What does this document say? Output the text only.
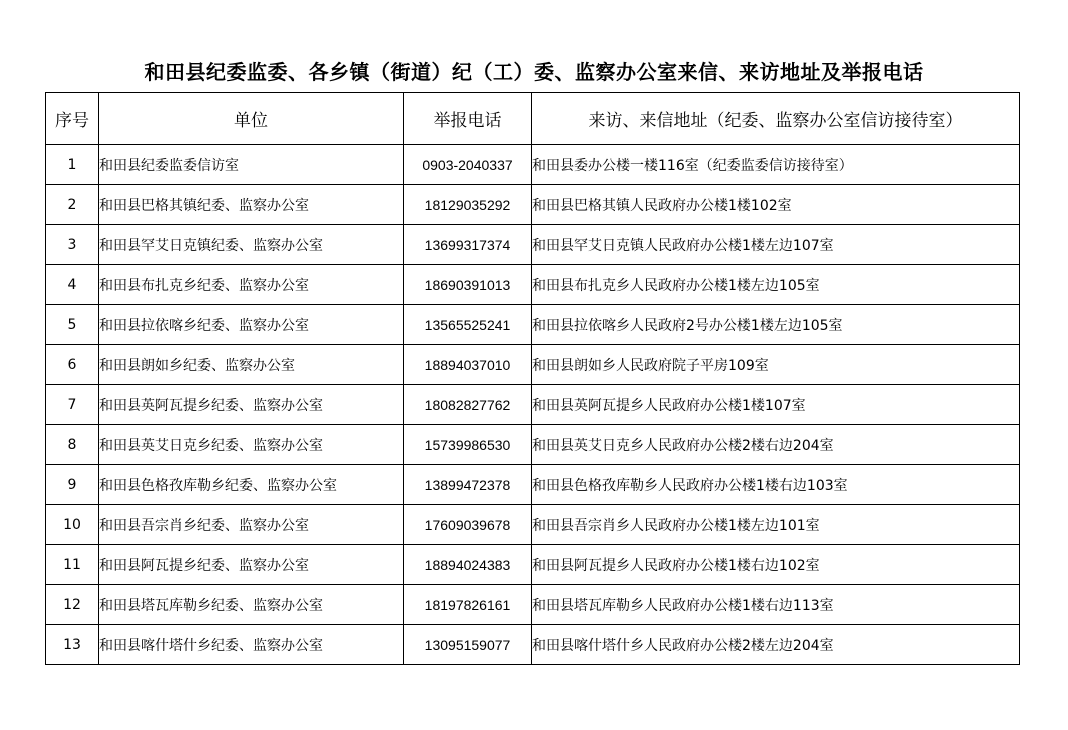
和田县纪委监委、各乡镇（街道）纪（工）委、监察办公室来信、来访地址及举报电话
序号	单位	举报电话	来访、来信地址（纪委、监察办公室信访接待室）
1	和田县纪委监委信访室	0903-2040337	和田县委办公楼一楼116室（纪委监委信访接待室）
2	和田县巴格其镇纪委、监察办公室	18129035292	和田县巴格其镇人民政府办公楼1楼102室
3	和田县罕艾日克镇纪委、监察办公室	13699317374	和田县罕艾日克镇人民政府办公楼1楼左边107室
4	和田县布扎克乡纪委、监察办公室	18690391013	和田县布扎克乡人民政府办公楼1楼左边105室
5	和田县拉依喀乡纪委、监察办公室	13565525241	和田县拉依喀乡人民政府2号办公楼1楼左边105室
6	和田县朗如乡纪委、监察办公室	18894037010	和田县朗如乡人民政府院子平房109室
7	和田县英阿瓦提乡纪委、监察办公室	18082827762	和田县英阿瓦提乡人民政府办公楼1楼107室
8	和田县英艾日克乡纪委、监察办公室	15739986530	和田县英艾日克乡人民政府办公楼2楼右边204室
9	和田县色格孜库勒乡纪委、监察办公室	13899472378	和田县色格孜库勒乡人民政府办公楼1楼右边103室
10	和田县吾宗肖乡纪委、监察办公室	17609039678	和田县吾宗肖乡人民政府办公楼1楼左边101室
11	和田县阿瓦提乡纪委、监察办公室	18894024383	和田县阿瓦提乡人民政府办公楼1楼右边102室
12	和田县塔瓦库勒乡纪委、监察办公室	18197826161	和田县塔瓦库勒乡人民政府办公楼1楼右边113室
13	和田县喀什塔什乡纪委、监察办公室	13095159077	和田县喀什塔什乡人民政府办公楼2楼左边204室
